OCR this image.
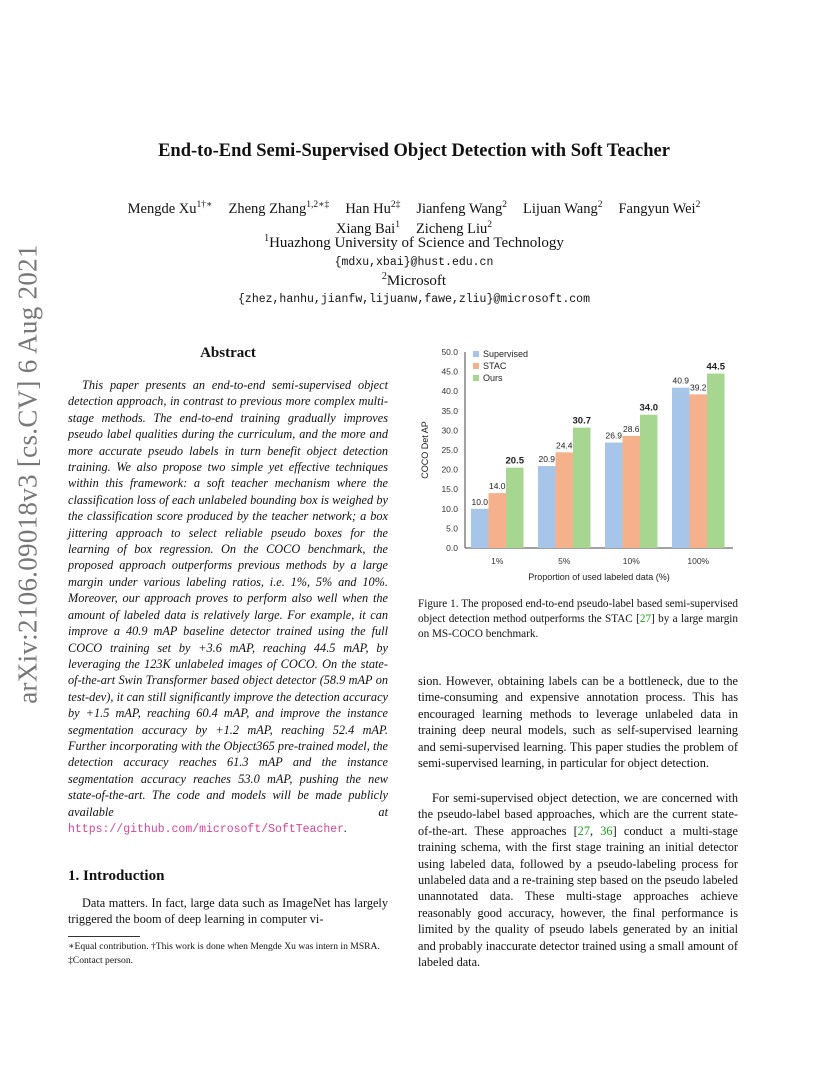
arXiv:2106.09018v3 [cs.CV] 6 Aug 2021
End-to-End Semi-Supervised Object Detection with Soft Teacher
Mengde $Xu^{1\dagger∗}$ Zheng Zhang$^{1,2∗\ddagger}$ Han $Hu^{2\ddagger}$ Jianfeng Wang$^2$ Lijuan Wang$^2$ Fangyun Wei$^2$
Xiang Bai$^1$ Zicheng Liu$^2$
$^1$Huazhong University of Science and Technology
{mdxu,xbai}@hust.edu.cn
$^2$Microsoft
{zhez,hanhu,jianfw,lijuanw,fawe,zliu}@microsoft.com
Abstract

This paper presents an end-to-end semi-supervised object detection approach, in contrast to previous more complex multi-stage methods. The end-to-end training gradually improves pseudo label qualities during the curriculum, and the more and more accurate pseudo labels in turn benefit object detection training. We also propose two simple yet effective techniques within this framework: a soft teacher mechanism where the classification loss of each unlabeled bounding box is weighed by the classification score produced by the teacher network; a box jittering approach to select reliable pseudo boxes for the learning of box regression. On the COCO benchmark, the proposed approach outperforms previous methods by a large margin under various labeling ratios, i.e. 1%, 5% and 10%. Moreover, our approach proves to perform also well when the amount of labeled data is relatively large. For example, it can improve a 40.9 mAP baseline detector trained using the full COCO training set by +3.6 mAP, reaching 44.5 mAP, by leveraging the 123K unlabeled images of COCO. On the state-of-the-art Swin Transformer based object detector (58.9 mAP on test-dev), it can still significantly improve the detection accuracy by +1.5 mAP, reaching 60.4 mAP, and improve the instance segmentation accuracy by +1.2 mAP, reaching 52.4 mAP. Further incorporating with the Object365 pre-trained model, the detection accuracy reaches 61.3 mAP and the instance segmentation accuracy reaches 53.0 mAP, pushing the new state-of-the-art. The code and models will be made publicly available at https://github.com/microsoft/SoftTeacher.

1. Introduction

Data matters. In fact, large data such as ImageNet has largely triggered the boom of deep learning in computer vi-

∗Equal contribution. †This work is done when Mengde Xu was intern in MSRA. ‡Contact person.

0.0
5.0
10.0
15.0
20.0
25.0
30.0
35.0
40.0
45.0
50.0
COCO Det AP
Proportion of used labeled data (%)
10.0
14.0
20.5
1%
20.9
24.4
30.7
5%
26.9
28.6
34.0
10%
40.9
39.2
44.5
100%
Supervised
STAC
Ours

Figure 1. The proposed end-to-end pseudo-label based semi-supervised object detection method outperforms the STAC [27] by a large margin on MS-COCO benchmark.

sion. However, obtaining labels can be a bottleneck, due to the time-consuming and expensive annotation process. This has encouraged learning methods to leverage unlabeled data in training deep neural models, such as self-supervised learning and semi-supervised learning. This paper studies the problem of semi-supervised learning, in particular for object detection.

For semi-supervised object detection, we are concerned with the pseudo-label based approaches, which are the current state-of-the-art. These approaches [27, 36] conduct a multi-stage training schema, with the first stage training an initial detector using labeled data, followed by a pseudo-labeling process for unlabeled data and a re-training step based on the pseudo labeled unannotated data. These multi-stage approaches achieve reasonably good accuracy, however, the final performance is limited by the quality of pseudo labels generated by an initial and probably inaccurate detector trained using a small amount of labeled data.
